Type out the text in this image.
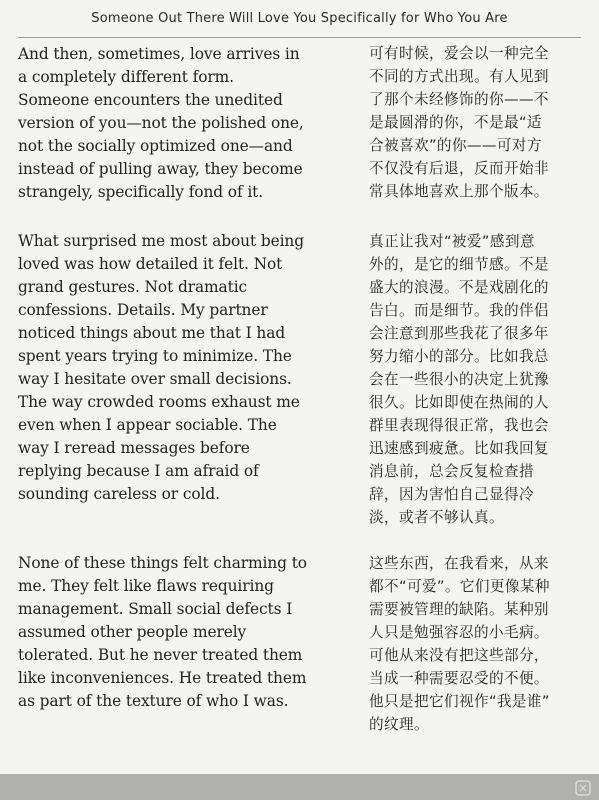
Someone Out There Will Love You Specifically for Who You Are
And then, sometimes, love arrives in
a completely different form.
Someone encounters the unedited
version of you—not the polished one,
not the socially optimized one—and
instead of pulling away, they become
strangely, specifically fond of it.
可有时候，爱会以一种完全
不同的方式出现。有人见到
了那个未经修饰的你——不
是最圆滑的你，不是最“适
合被喜欢”的你——可对方
不仅没有后退，反而开始非
常具体地喜欢上那个版本。
What surprised me most about being
loved was how detailed it felt. Not
grand gestures. Not dramatic
confessions. Details. My partner
noticed things about me that I had
spent years trying to minimize. The
way I hesitate over small decisions.
The way crowded rooms exhaust me
even when I appear sociable. The
way I reread messages before
replying because I am afraid of
sounding careless or cold.
真正让我对“被爱”感到意
外的，是它的细节感。不是
盛大的浪漫。不是戏剧化的
告白。而是细节。我的伴侣
会注意到那些我花了很多年
努力缩小的部分。比如我总
会在一些很小的决定上犹豫
很久。比如即使在热闹的人
群里表现得很正常，我也会
迅速感到疲惫。比如我回复
消息前，总会反复检查措
辞，因为害怕自己显得冷
淡，或者不够认真。
None of these things felt charming to
me. They felt like flaws requiring
management. Small social defects I
assumed other people merely
tolerated. But he never treated them
like inconveniences. He treated them
as part of the texture of who I was.
这些东西，在我看来，从来
都不“可爱”。它们更像某种
需要被管理的缺陷。某种别
人只是勉强容忍的小毛病。
可他从来没有把这些部分，
当成一种需要忍受的不便。
他只是把它们视作“我是谁”
的纹理。
